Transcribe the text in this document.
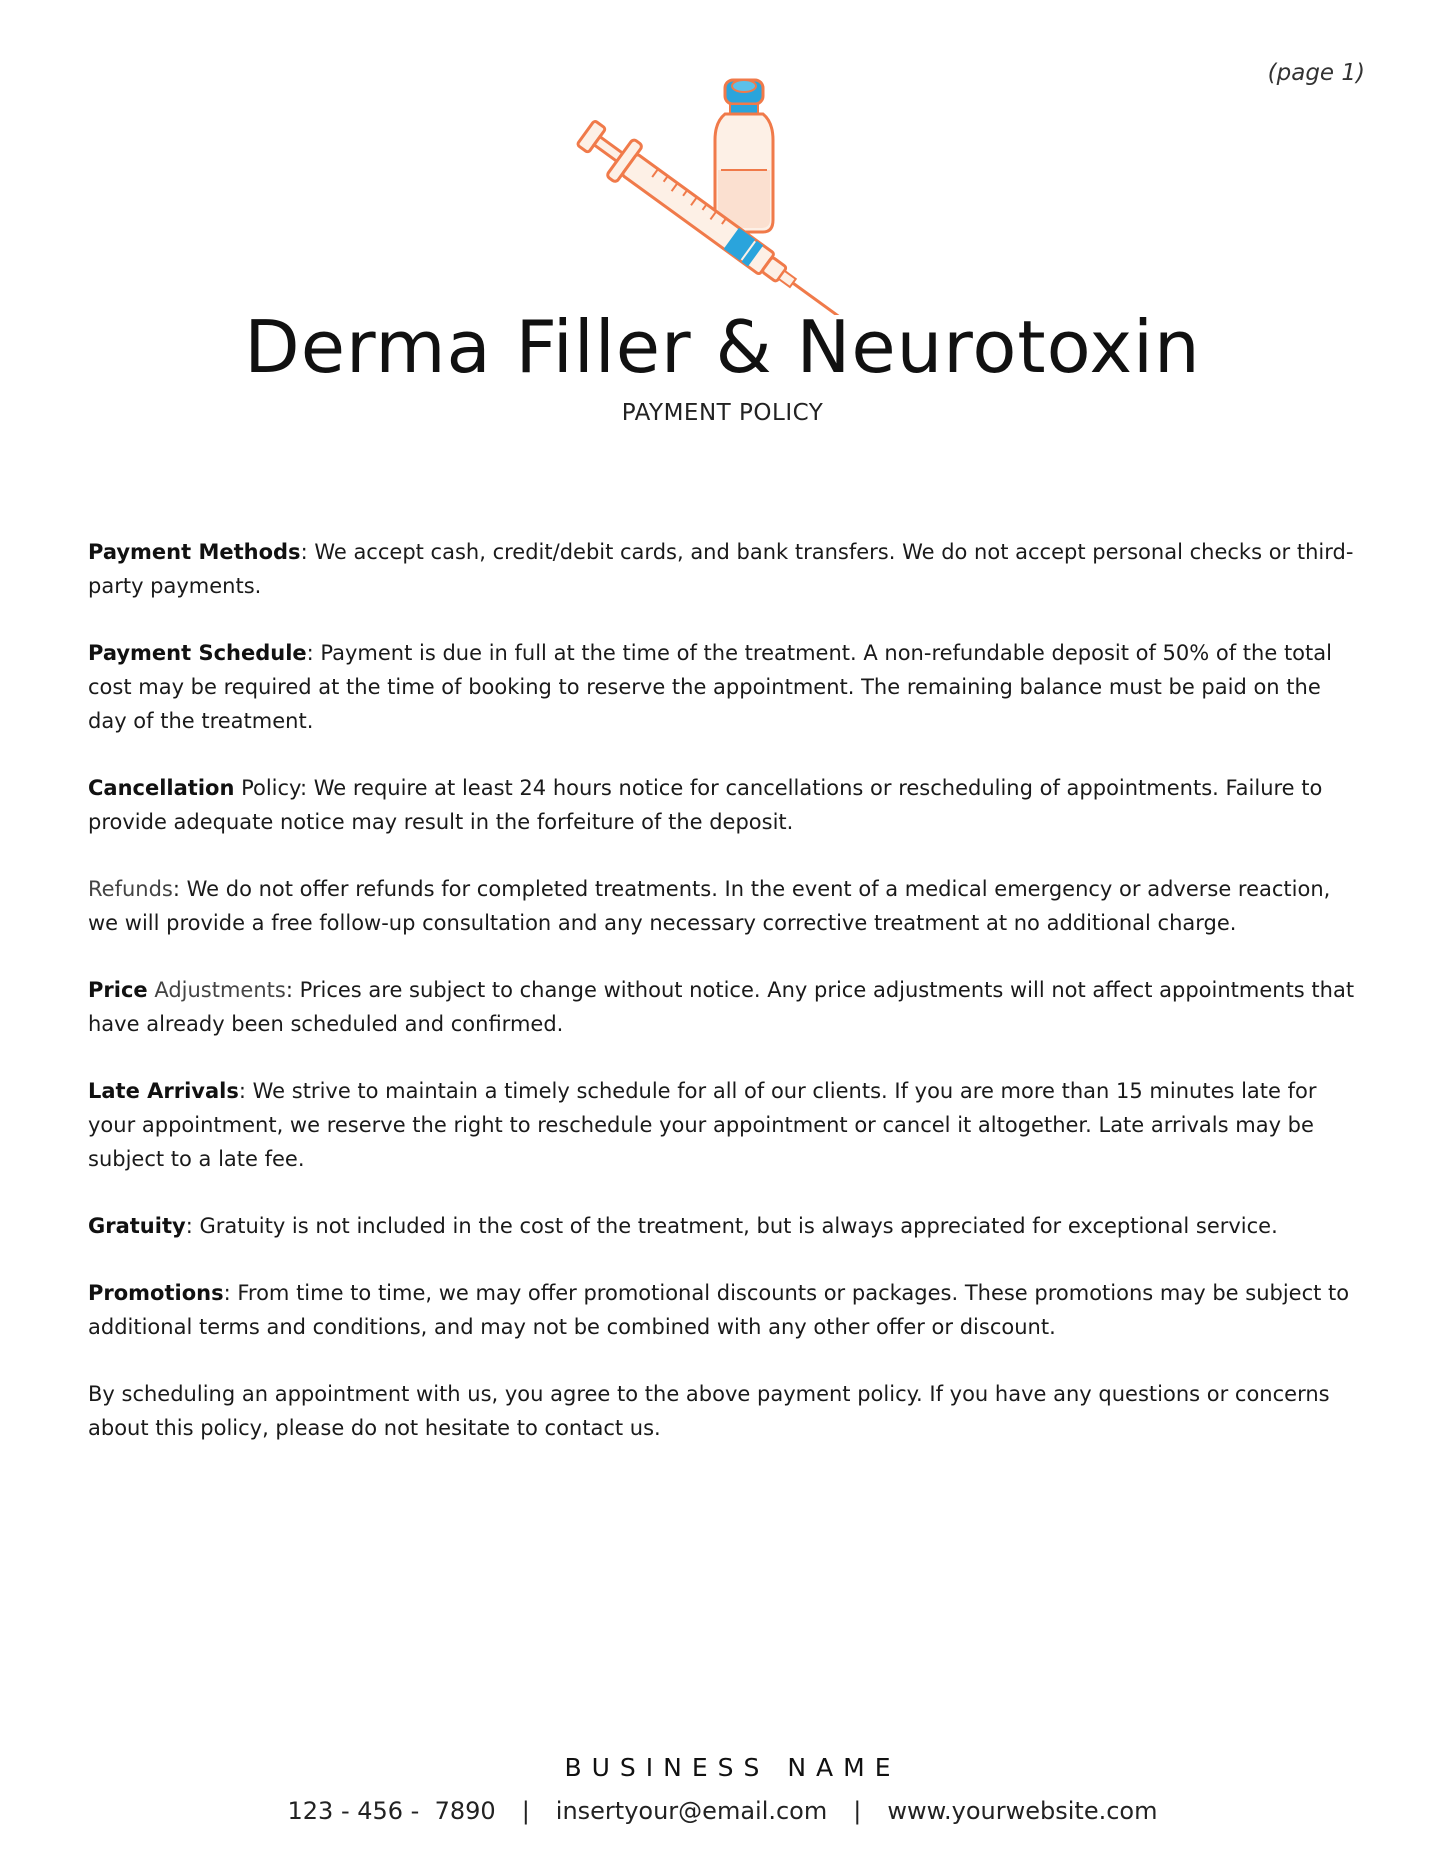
(page 1)
Derma Filler & Neurotoxin
PAYMENT POLICY

Payment Methods: We accept cash, credit/debit cards, and bank transfers. We do not accept personal checks or third-party payments.

Payment Schedule: Payment is due in full at the time of the treatment. A non-refundable deposit of 50% of the total cost may be required at the time of booking to reserve the appointment. The remaining balance must be paid on the day of the treatment.

Cancellation Policy: We require at least 24 hours notice for cancellations or rescheduling of appointments. Failure to provide adequate notice may result in the forfeiture of the deposit.

Refunds: We do not offer refunds for completed treatments. In the event of a medical emergency or adverse reaction, we will provide a free follow-up consultation and any necessary corrective treatment at no additional charge.

Price Adjustments: Prices are subject to change without notice. Any price adjustments will not affect appointments that have already been scheduled and confirmed.

Late Arrivals: We strive to maintain a timely schedule for all of our clients. If you are more than 15 minutes late for your appointment, we reserve the right to reschedule your appointment or cancel it altogether. Late arrivals may be subject to a late fee.

Gratuity: Gratuity is not included in the cost of the treatment, but is always appreciated for exceptional service.

Promotions: From time to time, we may offer promotional discounts or packages. These promotions may be subject to additional terms and conditions, and may not be combined with any other offer or discount.

By scheduling an appointment with us, you agree to the above payment policy. If you have any questions or concerns about this policy, please do not hesitate to contact us.

BUSINESS NAME
123 - 456 -  7890 | insertyour@email.com | www.yourwebsite.com
